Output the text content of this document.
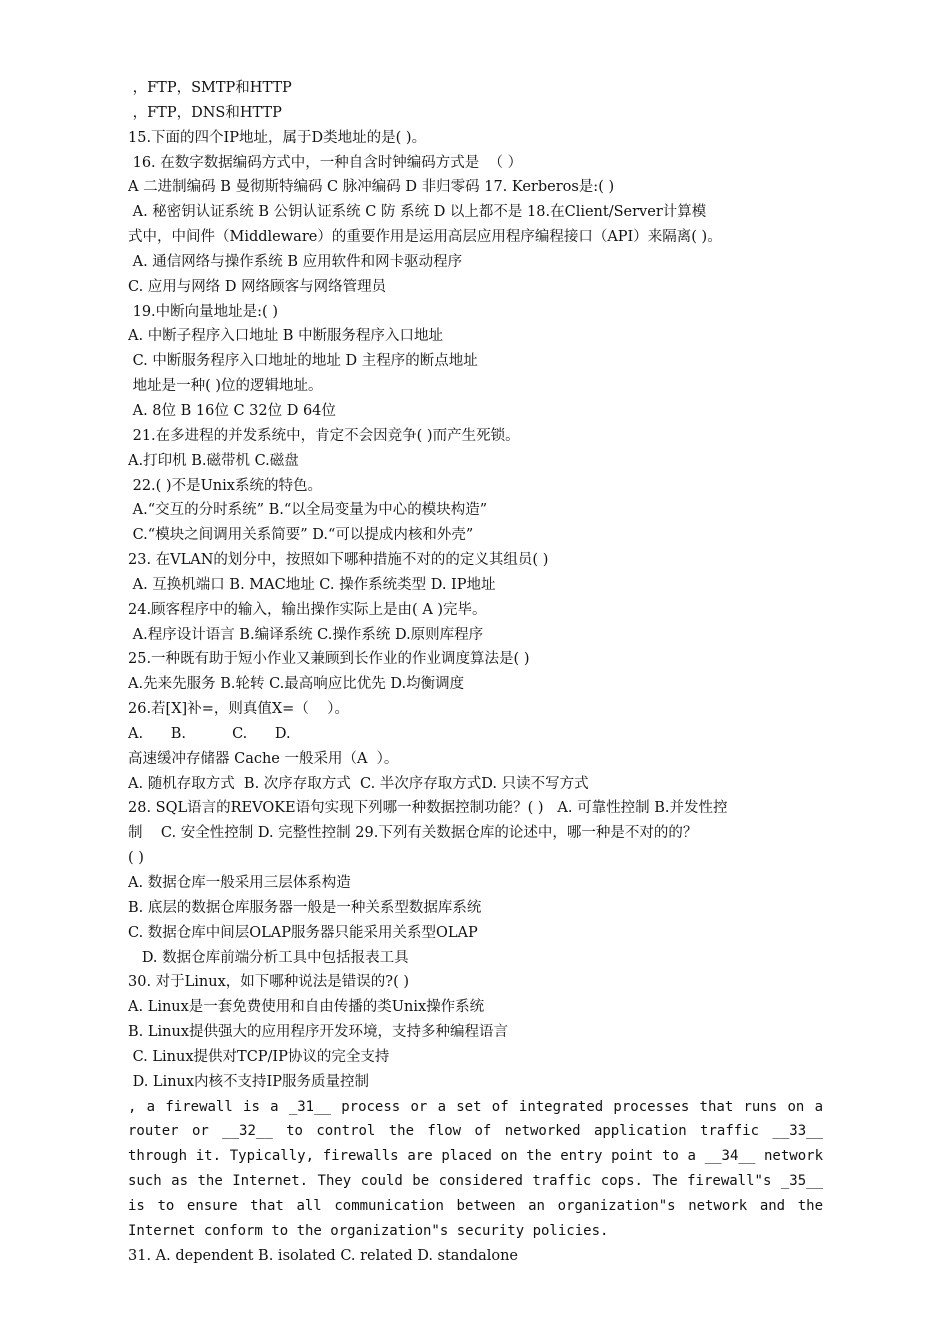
，FTP，SMTP和HTTP
，FTP，DNS和HTTP
15.下面的四个IP地址，属于D类地址的是( )。
16. 在数字数据编码方式中，一种自含时钟编码方式是  （ ）
A 二进制编码 B 曼彻斯特编码 C 脉冲编码 D 非归零码 17. Kerberos是:( )
A. 秘密钥认证系统 B 公钥认证系统 C 防 系统 D 以上都不是 18.在Client/Server计算模
式中，中间件（Middleware）的重要作用是运用高层应用程序编程接口（API）来隔离( )。
A. 通信网络与操作系统 B 应用软件和网卡驱动程序
C. 应用与网络 D 网络顾客与网络管理员
19.中断向量地址是:( )
A. 中断子程序入口地址 B 中断服务程序入口地址
C. 中断服务程序入口地址的地址 D 主程序的断点地址
地址是一种( )位的逻辑地址。
A. 8位 B 16位 C 32位 D 64位
21.在多进程的并发系统中，肯定不会因竞争( )而产生死锁。
A.打印机 B.磁带机 C.磁盘
22.( )不是Unix系统的特色。
A.“交互的分时系统” B.“以全局变量为中心的模块构造”
C.“模块之间调用关系简要” D.“可以提成内核和外壳”
23. 在VLAN的划分中，按照如下哪种措施不对的的定义其组员( )
A. 互换机端口 B. MAC地址 C. 操作系统类型 D. IP地址
24.顾客程序中的输入，输出操作实际上是由( A )完毕。
A.程序设计语言 B.编译系统 C.操作系统 D.原则库程序
25.一种既有助于短小作业又兼顾到长作业的作业调度算法是( )
A.先来先服务 B.轮转 C.最高响应比优先 D.均衡调度
26.若[X]补=，则真值X=（    ）。
A.      B.          C.      D.
高速缓冲存储器 Cache 一般采用（A  ）。
A. 随机存取方式  B. 次序存取方式  C. 半次序存取方式D. 只读不写方式
28. SQL语言的REVOKE语句实现下列哪一种数据控制功能？( )   A. 可靠性控制 B.并发性控
制    C. 安全性控制 D. 完整性控制 29.下列有关数据仓库的论述中，哪一种是不对的的？
( )
A. 数据仓库一般采用三层体系构造
B. 底层的数据仓库服务器一般是一种关系型数据库系统
C. 数据仓库中间层OLAP服务器只能采用关系型OLAP
D. 数据仓库前端分析工具中包括报表工具
30. 对于Linux，如下哪种说法是错误的?( )
A. Linux是一套免费使用和自由传播的类Unix操作系统
B. Linux提供强大的应用程序开发环境，支持多种编程语言
C. Linux提供对TCP/IP协议的完全支持
D. Linux内核不支持IP服务质量控制
, a firewall is a _31__ process or a set of integrated processes that runs on a
router or __32__ to control the flow of networked application traffic __33__
through it. Typically, firewalls are placed on the entry point to a __34__ network
such as the Internet. They could be considered traffic cops. The firewall"s _35__
is to ensure that all communication between an organization"s network and the
Internet conform to the organization"s security policies.
31. A. dependent B. isolated C. related D. standalone
